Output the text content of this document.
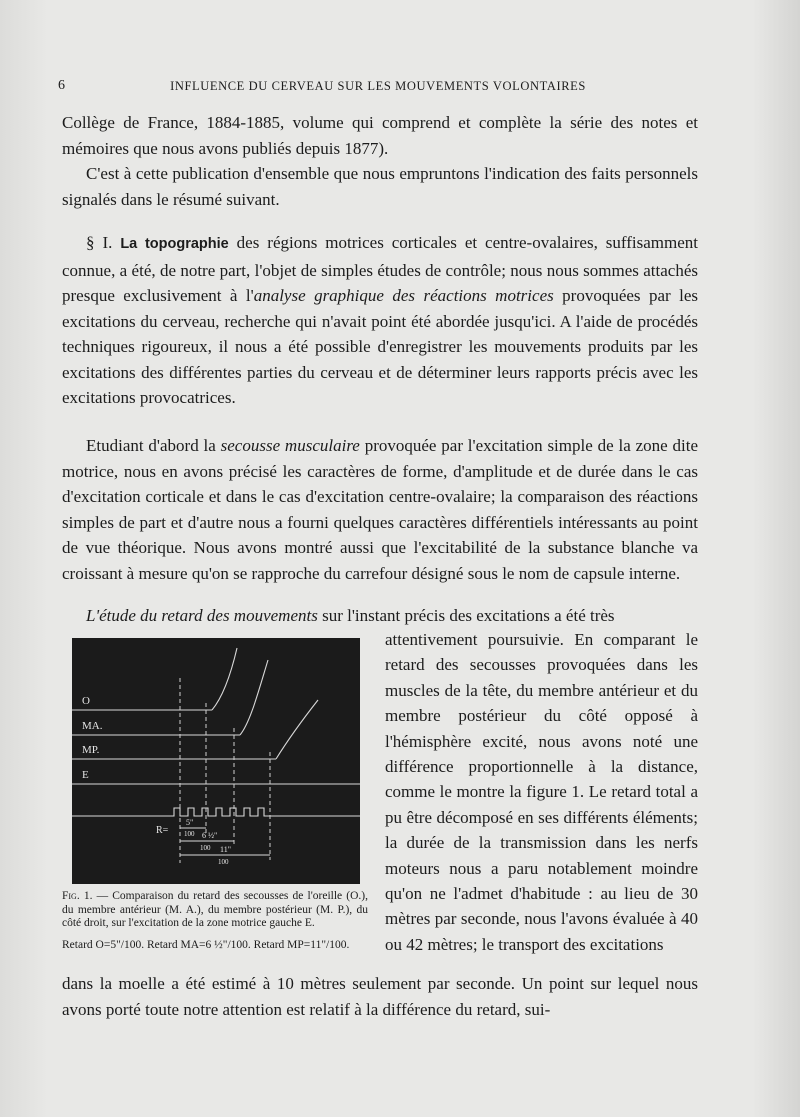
6	INFLUENCE DU CERVEAU SUR LES MOUVEMENTS VOLONTAIRES

Collège de France, 1884-1885, volume qui comprend et complète la série des notes et mémoires que nous avons publiés depuis 1877).

C'est à cette publication d'ensemble que nous empruntons l'indication des faits personnels signalés dans le résumé suivant.

§ I. La topographie des régions motrices corticales et centre-ovalaires, suffisamment connue, a été, de notre part, l'objet de simples études de contrôle; nous nous sommes attachés presque exclusivement à l'analyse graphique des réactions motrices provoquées par les excitations du cerveau, recherche qui n'avait point été abordée jusqu'ici. A l'aide de procédés techniques rigoureux, il nous a été possible d'enregistrer les mouvements produits par les excitations des différentes parties du cerveau et de déterminer leurs rapports précis avec les excitations provocatrices.

Etudiant d'abord la secousse musculaire provoquée par l'excitation simple de la zone dite motrice, nous en avons précisé les caractères de forme, d'amplitude et de durée dans le cas d'excitation corticale et dans le cas d'excitation centre-ovalaire; la comparaison des réactions simples de part et d'autre nous a fourni quelques caractères différentiels intéressants au point de vue théorique. Nous avons montré aussi que l'excitabilité de la substance blanche va croissant à mesure qu'on se rapproche du carrefour désigné sous le nom de capsule interne.

L'étude du retard des mouvements sur l'instant précis des excitations a été très

O
MA.
MP.
E
R=
5"
100 6 ½"
100 11"
100
Fig. 1. — Comparaison du retard des secousses de l'oreille (O.), du membre antérieur (M. A.), du membre postérieur (M. P.), du côté droit, sur l'excitation de la zone motrice gauche E.
Retard O=5"/100. Retard MA=6 ½"/100. Retard MP=11"/100.
attentivement poursuivie. En comparant le retard des secousses provoquées dans les muscles de la tête, du membre antérieur et du membre postérieur du côté opposé à l'hémisphère excité, nous avons noté une différence proportionnelle à la distance, comme le montre la figure 1. Le retard total a pu être décomposé en ses différents éléments; la durée de la transmission dans les nerfs moteurs nous a paru notablement moindre qu'on ne l'admet d'habitude : au lieu de 30 mètres par seconde, nous l'avons évaluée à 40 ou 42 mètres; le transport des excitations
dans la moelle a été estimé à 10 mètres seulement par seconde. Un point sur lequel nous avons porté toute notre attention est relatif à la différence du retard, sui-
